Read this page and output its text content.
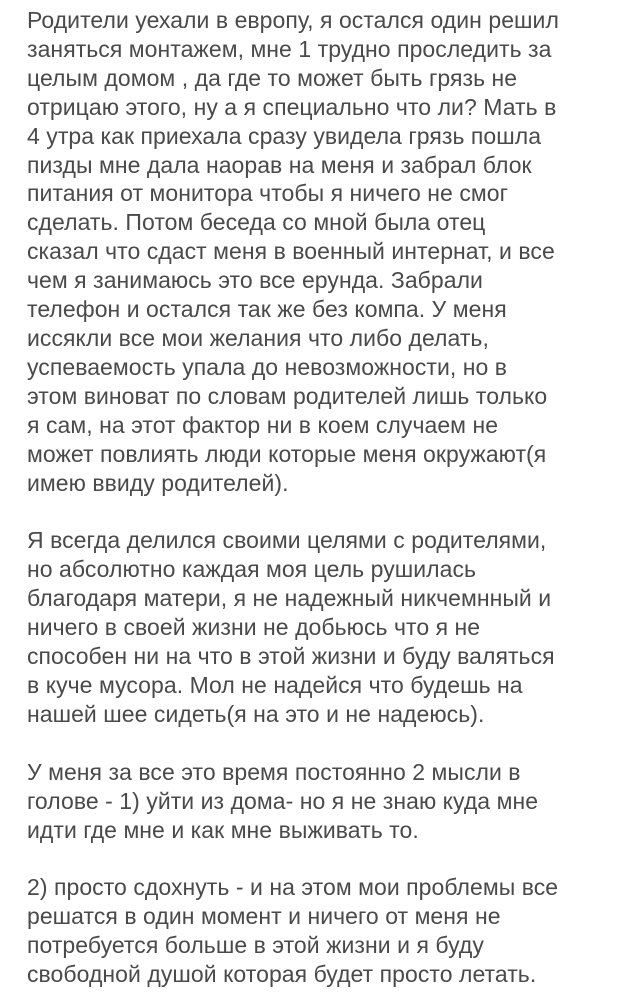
Родители уехали в европу, я остался один решил
заняться монтажем, мне 1 трудно проследить за
целым домом , да где то может быть грязь не
отрицаю этого, ну а я специально что ли? Мать в
4 утра как приехала сразу увидела грязь пошла
пизды мне дала наорав на меня и забрал блок
питания от монитора чтобы я ничего не смог
сделать. Потом беседа со мной была отец
сказал что сдаст меня в военный интернат, и все
чем я занимаюсь это все ерунда. Забрали
телефон и остался так же без компа. У меня
иссякли все мои желания что либо делать,
успеваемость упала до невозможности, но в
этом виноват по словам родителей лишь только
я сам, на этот фактор ни в коем случаем не
может повлиять люди которые меня окружают(я
имею ввиду родителей).

Я всегда делился своими целями с родителями,
но абсолютно каждая моя цель рушилась
благодаря матери, я не надежный никчемнный и
ничего в своей жизни не добьюсь что я не
способен ни на что в этой жизни и буду валяться
в куче мусора. Мол не надейся что будешь на
нашей шее сидеть(я на это и не надеюсь).

У меня за все это время постоянно 2 мысли в
голове - 1) уйти из дома- но я не знаю куда мне
идти где мне и как мне выживать то.

2) просто сдохнуть - и на этом мои проблемы все
решатся в один момент и ничего от меня не
потребуется больше в этой жизни и я буду
свободной душой которая будет просто летать.
